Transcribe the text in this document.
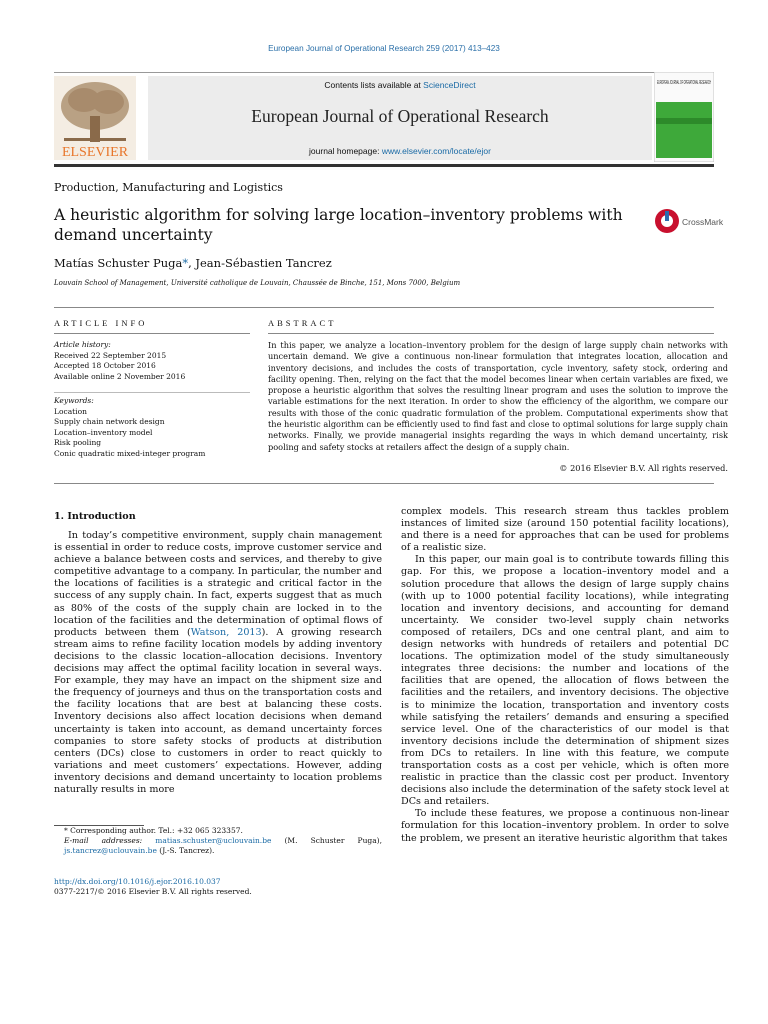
European Journal of Operational Research 259 (2017) 413–423
ELSEVIER
Contents lists available at ScienceDirect
European Journal of Operational Research
journal homepage: www.elsevier.com/locate/ejor
EUROPEAN JOURNAL OF OPERATIONAL RESEARCH
Production, Manufacturing and Logistics
A heuristic algorithm for solving large location–inventory problems with demand uncertainty
CrossMark
Matías Schuster Puga*, Jean-Sébastien Tancrez
Louvain School of Management, Université catholique de Louvain, Chaussée de Binche, 151, Mons 7000, Belgium
ARTICLE INFO	ABSTRACT
Article history:
Received 22 September 2015
Accepted 18 October 2016
Available online 2 November 2016
Keywords:
Location
Supply chain network design
Location–inventory model
Risk pooling
Conic quadratic mixed-integer program
In this paper, we analyze a location–inventory problem for the design of large supply chain networks with uncertain demand. We give a continuous non-linear formulation that integrates location, allocation and inventory decisions, and includes the costs of transportation, cycle inventory, safety stock, ordering and facility opening. Then, relying on the fact that the model becomes linear when certain variables are fixed, we propose a heuristic algorithm that solves the resulting linear program and uses the solution to improve the variable estimations for the next iteration. In order to show the efficiency of the algorithm, we compare our results with those of the conic quadratic formulation of the problem. Computational experiments show that the heuristic algorithm can be efficiently used to find fast and close to optimal solutions for large supply chain networks. Finally, we provide managerial insights regarding the ways in which demand uncertainty, risk pooling and safety stocks at retailers affect the design of a supply chain.
© 2016 Elsevier B.V. All rights reserved.
1. Introduction

In today’s competitive environment, supply chain management is essential in order to reduce costs, improve customer service and achieve a balance between costs and services, and thereby to give competitive advantage to a company. In particular, the number and the locations of facilities is a strategic and critical factor in the success of any supply chain. In fact, experts suggest that as much as 80% of the costs of the supply chain are locked in to the location of the facilities and the determination of optimal flows of products between them (Watson, 2013). A growing research stream aims to refine facility location models by adding inventory decisions to the classic location–allocation decisions. Inventory decisions may affect the optimal facility location in several ways. For example, they may have an impact on the shipment size and the frequency of journeys and thus on the transportation costs and the facility locations that are best at balancing these costs. Inventory decisions also affect location decisions when demand uncertainty is taken into account, as demand uncertainty forces companies to store safety stocks of products at distribution centers (DCs) close to customers in order to react quickly to variations and meet customers’ expectations. However, adding inventory decisions and demand uncertainty to location problems naturally results in more

complex models. This research stream thus tackles problem instances of limited size (around 150 potential facility locations), and there is a need for approaches that can be used for problems of a realistic size.

In this paper, our main goal is to contribute towards filling this gap. For this, we propose a location–inventory model and a solution procedure that allows the design of large supply chains (with up to 1000 potential facility locations), while integrating location and inventory decisions, and accounting for demand uncertainty. We consider two-level supply chain networks composed of retailers, DCs and one central plant, and aim to design networks with hundreds of retailers and potential DC locations. The optimization model of the study simultaneously integrates three decisions: the number and locations of the facilities that are opened, the allocation of flows between the facilities and the retailers, and inventory decisions. The objective is to minimize the location, transportation and inventory costs while satisfying the retailers’ demands and ensuring a specified service level. One of the characteristics of our model is that inventory decisions include the determination of shipment sizes from DCs to retailers. In line with this feature, we compute transportation costs as a cost per vehicle, which is often more realistic in practice than the classic cost per product. Inventory decisions also include the determination of the safety stock level at DCs and retailers.

To include these features, we propose a continuous non-linear formulation for this location–inventory problem. In order to solve the problem, we present an iterative heuristic algorithm that takes

* Corresponding author. Tel.: +32 065 323357.
E-mail addresses: matias.schuster@uclouvain.be (M. Schuster Puga), js.tancrez@uclouvain.be (J.-S. Tancrez).
http://dx.doi.org/10.1016/j.ejor.2016.10.037
0377-2217/© 2016 Elsevier B.V. All rights reserved.
